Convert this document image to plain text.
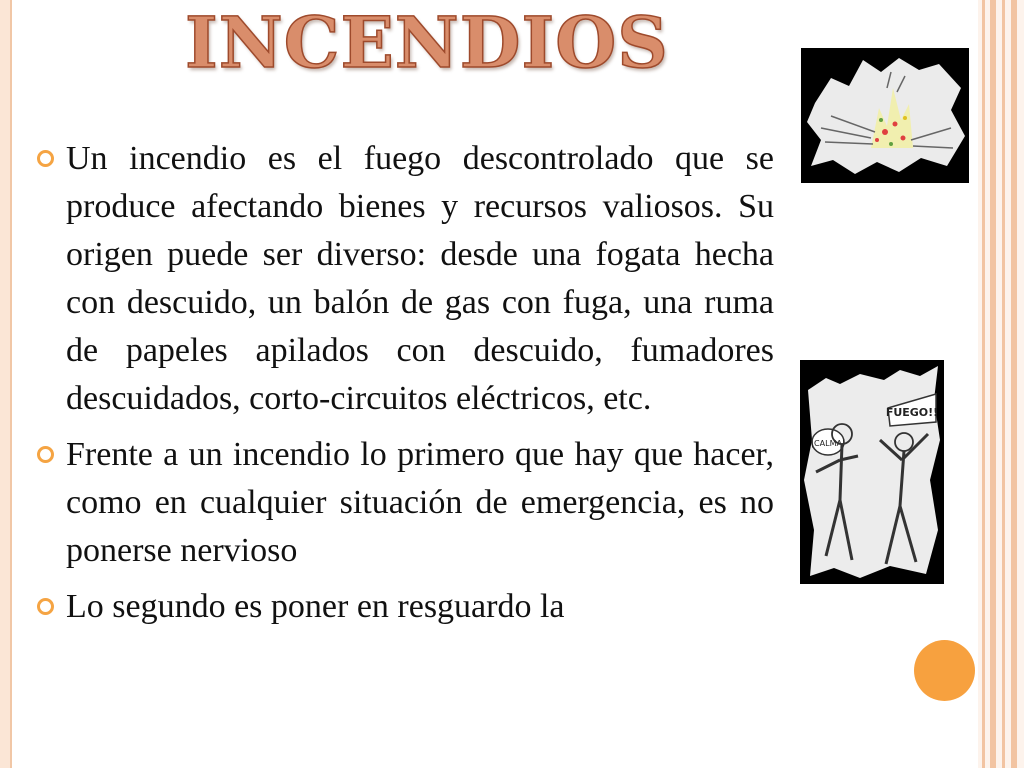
INCENDIOS
Un incendio es el fuego descontrolado que se produce afectando bienes y recursos valiosos. Su origen puede ser diverso: desde una fogata hecha con descuido, un balón de gas con fuga, una ruma de papeles apilados con descuido, fumadores descuidados, corto-circuitos eléctricos, etc.
Frente a un incendio lo primero que hay que hacer, como en cualquier situación de emergencia, es no ponerse nervioso
Lo segundo es poner en resguardo la
¡CALMA!
FUEGO!!
